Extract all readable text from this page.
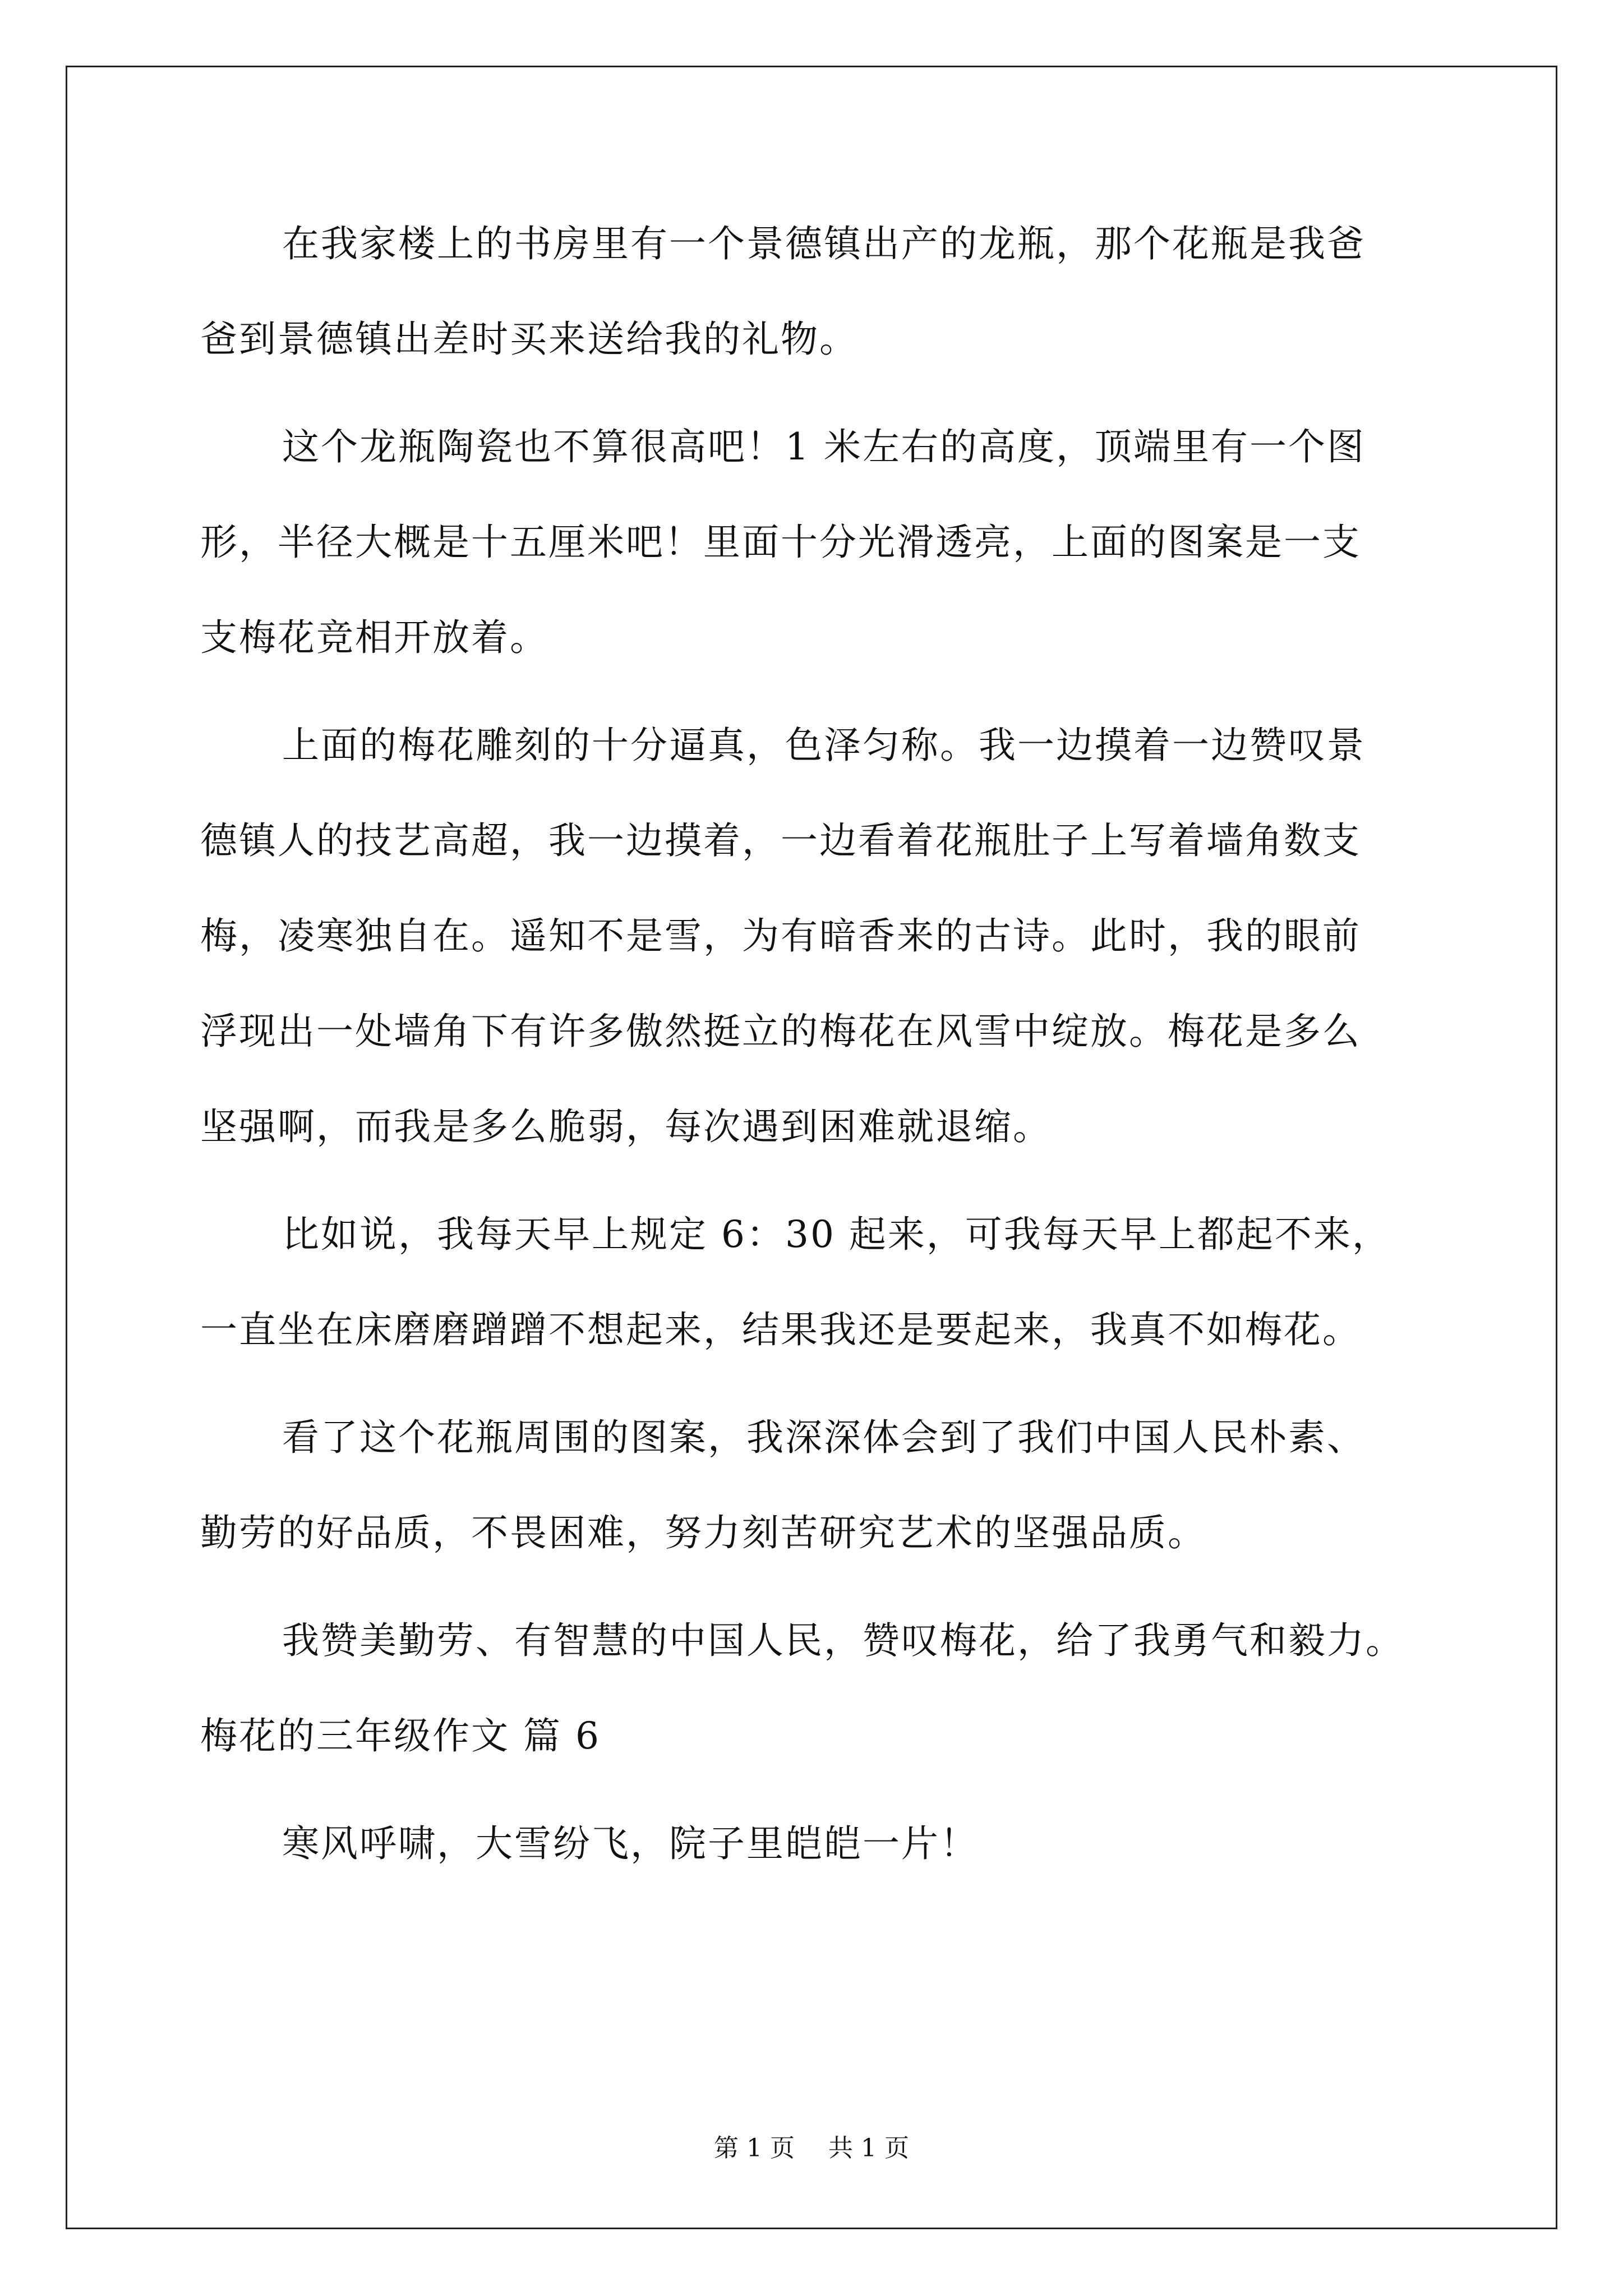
在我家楼上的书房里有一个景德镇出产的龙瓶，那个花瓶是我爸
爸到景德镇出差时买来送给我的礼物。
这个龙瓶陶瓷也不算很高吧！1 米左右的高度，顶端里有一个图
形，半径大概是十五厘米吧！里面十分光滑透亮，上面的图案是一支
支梅花竞相开放着。
上面的梅花雕刻的十分逼真，色泽匀称。我一边摸着一边赞叹景
德镇人的技艺高超，我一边摸着，一边看着花瓶肚子上写着墙角数支
梅，凌寒独自在。遥知不是雪，为有暗香来的古诗。此时，我的眼前
浮现出一处墙角下有许多傲然挺立的梅花在风雪中绽放。梅花是多么
坚强啊，而我是多么脆弱，每次遇到困难就退缩。
比如说，我每天早上规定 6：30 起来，可我每天早上都起不来，
一直坐在床磨磨蹭蹭不想起来，结果我还是要起来，我真不如梅花。
看了这个花瓶周围的图案，我深深体会到了我们中国人民朴素、
勤劳的好品质，不畏困难，努力刻苦研究艺术的坚强品质。
我赞美勤劳、有智慧的中国人民，赞叹梅花，给了我勇气和毅力。
梅花的三年级作文 篇 6
寒风呼啸，大雪纷飞，院子里皑皑一片！
第 1 页 共 1 页
